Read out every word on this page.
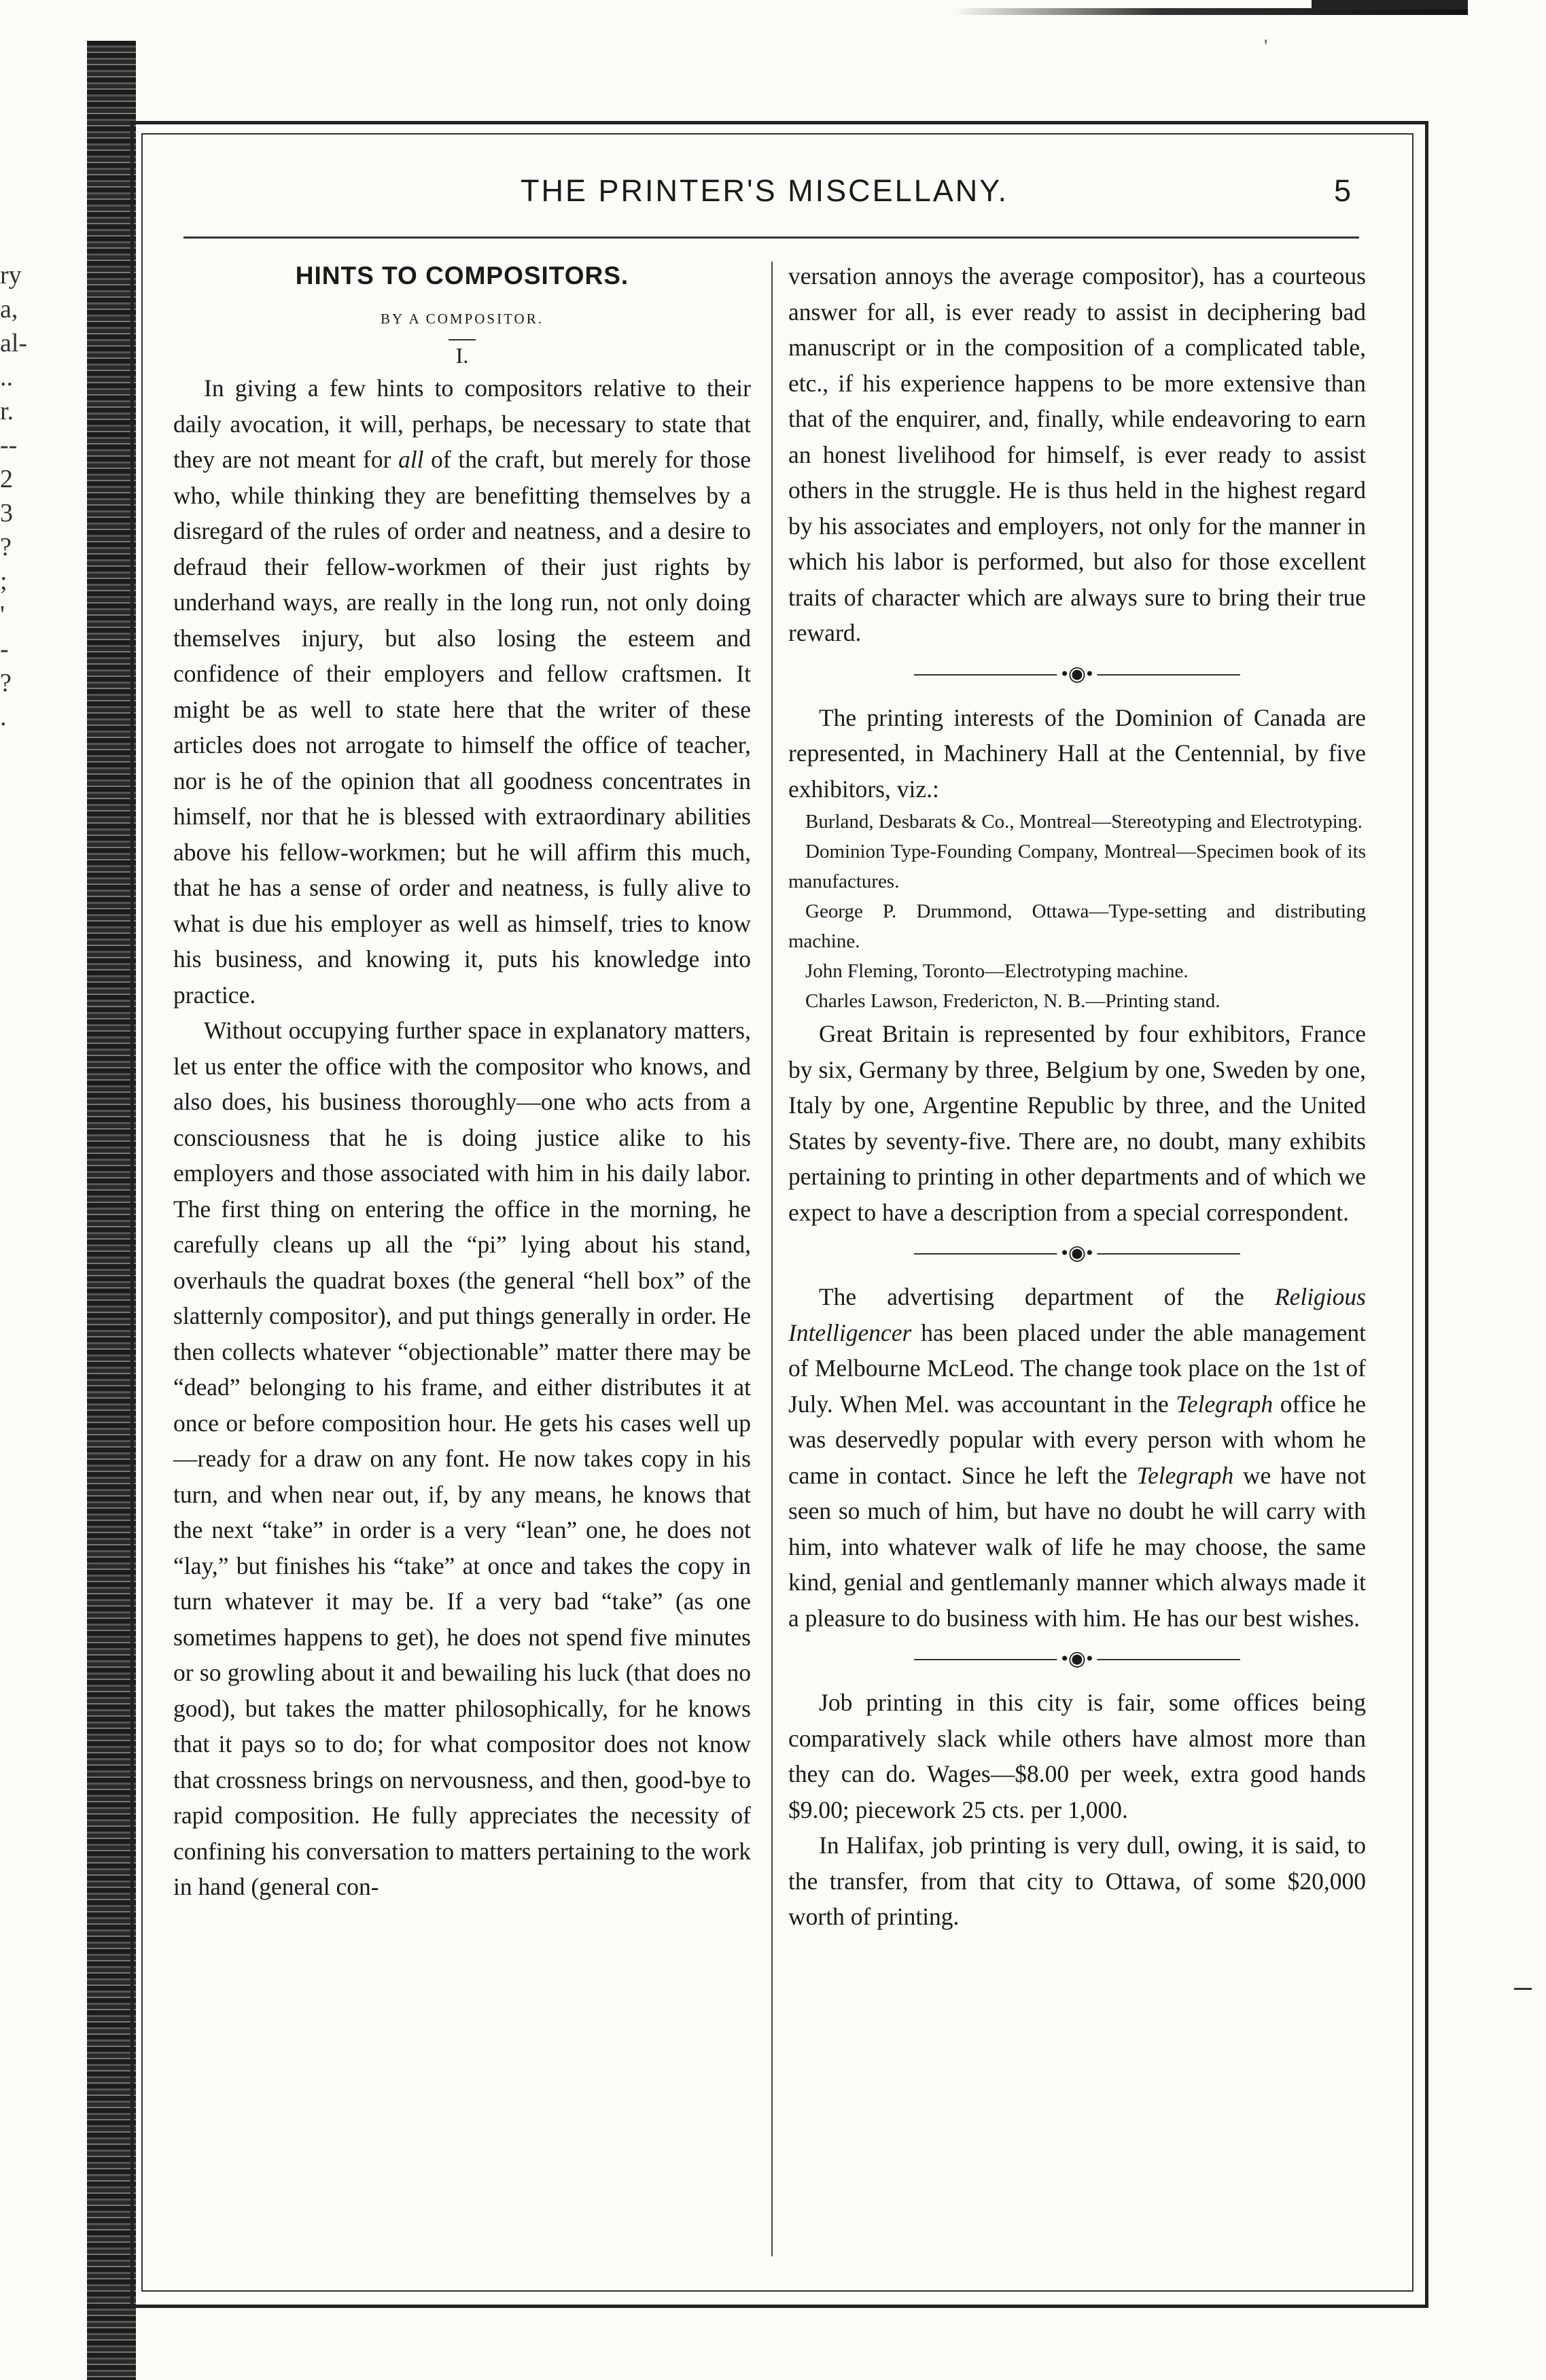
'
ry
a,
al-
..
r.
--
2
3
?
;
'
-
?
.
THE PRINTER'S MISCELLANY.	5
HINTS TO COMPOSITORS.
BY A COMPOSITOR.
I.

In giving a few hints to compositors relative to their daily avocation, it will, perhaps, be necessary to state that they are not meant for all of the craft, but merely for those who, while thinking they are benefitting themselves by a disregard of the rules of order and neatness, and a desire to defraud their fellow-workmen of their just rights by underhand ways, are really in the long run, not only doing themselves injury, but also losing the esteem and confidence of their employers and fellow craftsmen. It might be as well to state here that the writer of these articles does not arrogate to himself the office of teacher, nor is he of the opinion that all goodness concentrates in himself, nor that he is blessed with extraordinary abilities above his fellow-workmen; but he will affirm this much, that he has a sense of order and neatness, is fully alive to what is due his employer as well as himself, tries to know his business, and knowing it, puts his knowledge into practice.

Without occupying further space in explanatory matters, let us enter the office with the compositor who knows, and also does, his business thoroughly—one who acts from a consciousness that he is doing justice alike to his employers and those associated with him in his daily labor. The first thing on entering the office in the morning, he carefully cleans up all the “pi” lying about his stand, overhauls the quadrat boxes (the general “hell box” of the slatternly compositor), and put things generally in order. He then collects whatever “objectionable” matter there may be “dead” belonging to his frame, and either distributes it at once or before composition hour. He gets his cases well up—ready for a draw on any font. He now takes copy in his turn, and when near out, if, by any means, he knows that the next “take” in order is a very “lean” one, he does not “lay,” but finishes his “take” at once and takes the copy in turn whatever it may be. If a very bad “take” (as one sometimes happens to get), he does not spend five minutes or so growling about it and bewailing his luck (that does no good), but takes the matter philosophically, for he knows that it pays so to do; for what compositor does not know that crossness brings on nervousness, and then, good-bye to rapid composition. He fully appreciates the necessity of confining his conversation to matters pertaining to the work in hand (general con-

versation annoys the average compositor), has a courteous answer for all, is ever ready to assist in deciphering bad manuscript or in the composition of a complicated table, etc., if his experience happens to be more extensive than that of the enquirer, and, finally, while endeavoring to earn an honest livelihood for himself, is ever ready to assist others in the struggle. He is thus held in the highest regard by his associates and employers, not only for the manner in which his labor is performed, but also for those excellent traits of character which are always sure to bring their true reward.

•◉•

The printing interests of the Dominion of Canada are represented, in Machinery Hall at the Centennial, by five exhibitors, viz.:

Burland, Desbarats & Co., Montreal—Stereotyping and Electrotyping.

Dominion Type-Founding Company, Montreal—Specimen book of its manufactures.

George P. Drummond, Ottawa—Type-setting and distributing machine.

John Fleming, Toronto—Electrotyping machine.

Charles Lawson, Fredericton, N. B.—Printing stand.

Great Britain is represented by four exhibitors, France by six, Germany by three, Belgium by one, Sweden by one, Italy by one, Argentine Republic by three, and the United States by seventy-five. There are, no doubt, many exhibits pertaining to printing in other departments and of which we expect to have a description from a special correspondent.

•◉•

The advertising department of the Religious Intelligencer has been placed under the able management of Melbourne McLeod. The change took place on the 1st of July. When Mel. was accountant in the Telegraph office he was deservedly popular with every person with whom he came in contact. Since he left the Telegraph we have not seen so much of him, but have no doubt he will carry with him, into whatever walk of life he may choose, the same kind, genial and gentlemanly manner which always made it a pleasure to do business with him. He has our best wishes.

•◉•

Job printing in this city is fair, some offices being comparatively slack while others have almost more than they can do. Wages—$8.00 per week, extra good hands $9.00; piecework 25 cts. per 1,000.

In Halifax, job printing is very dull, owing, it is said, to the transfer, from that city to Ottawa, of some $20,000 worth of printing.
